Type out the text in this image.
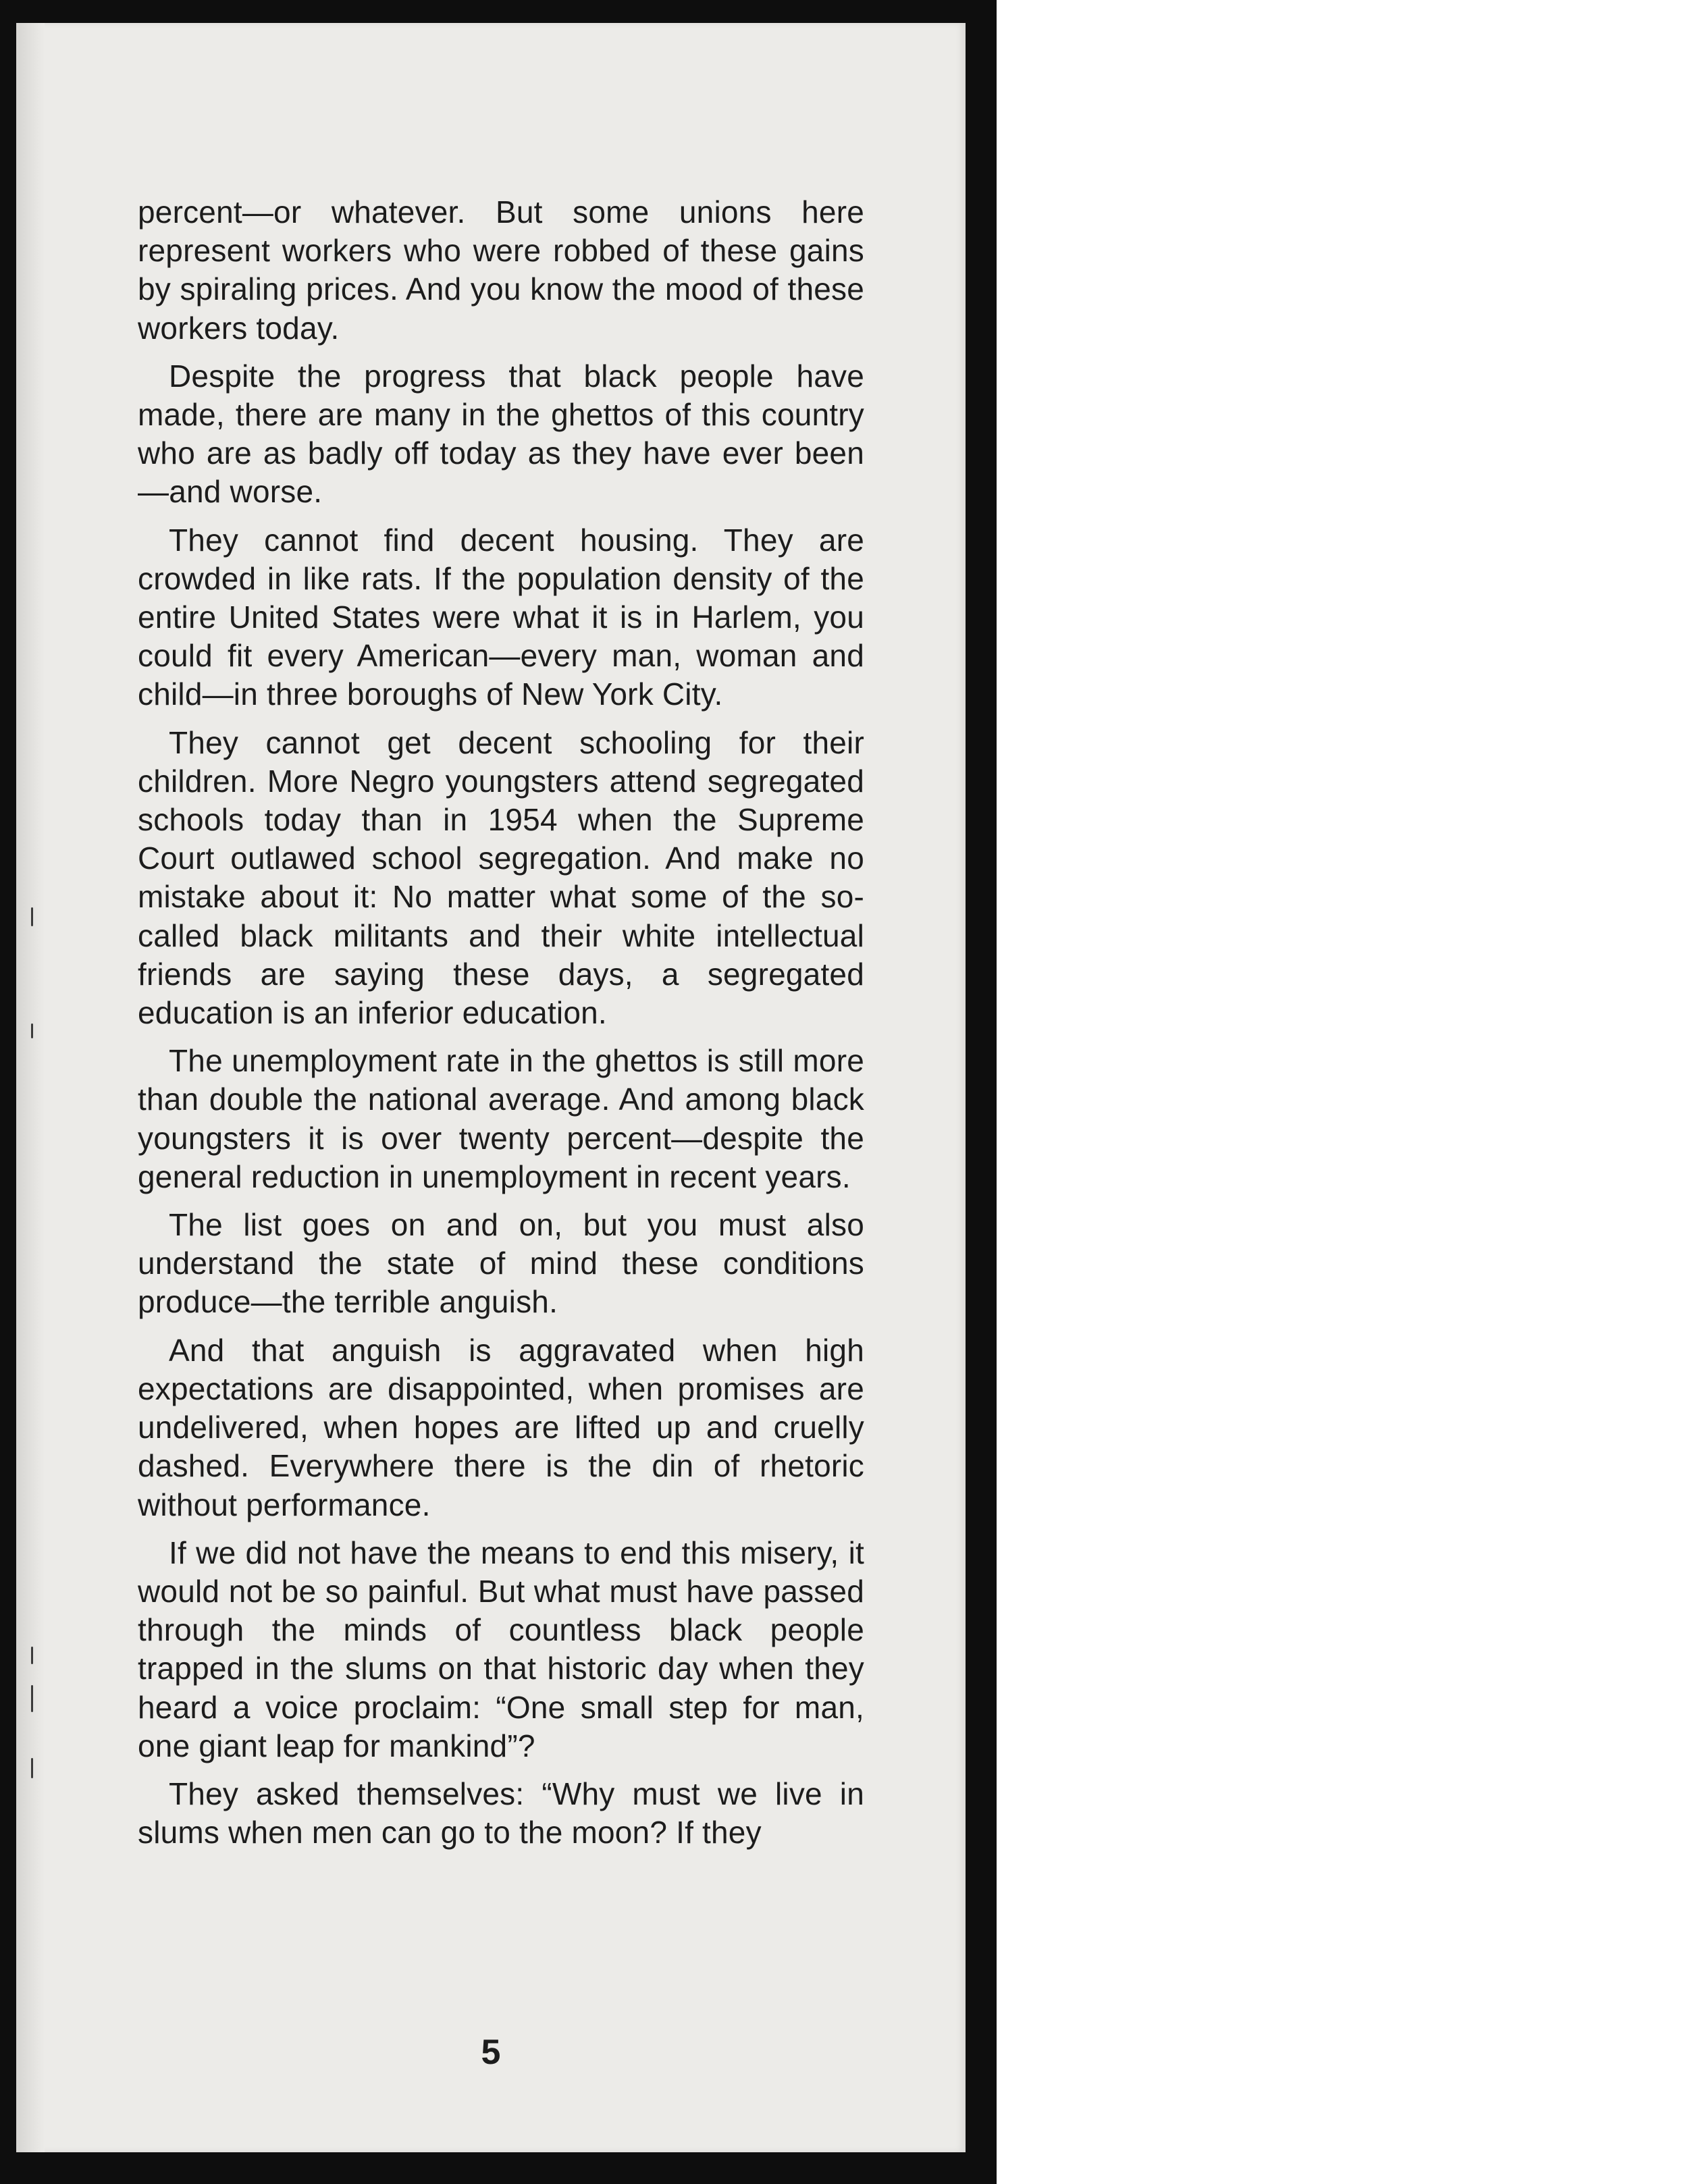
percent—or whatever. But some unions here represent workers who were robbed of these gains by spiraling prices. And you know the mood of these workers today.

Despite the progress that black people have made, there are many in the ghettos of this country who are as badly off today as they have ever been—and worse.

They cannot find decent housing. They are crowded in like rats. If the population density of the entire United States were what it is in Harlem, you could fit every American—every man, woman and child—in three boroughs of New York City.

They cannot get decent schooling for their children. More Negro youngsters attend segregated schools today than in 1954 when the Supreme Court outlawed school segregation. And make no mistake about it: No matter what some of the so-called black militants and their white intellectual friends are saying these days, a segregated education is an inferior education.

The unemployment rate in the ghettos is still more than double the national average. And among black youngsters it is over twenty percent—despite the general reduction in unemployment in recent years.

The list goes on and on, but you must also understand the state of mind these conditions produce—the terrible anguish.

And that anguish is aggravated when high expectations are disappointed, when promises are undelivered, when hopes are lifted up and cruelly dashed. Everywhere there is the din of rhetoric without performance.

If we did not have the means to end this misery, it would not be so painful. But what must have passed through the minds of countless black people trapped in the slums on that historic day when they heard a voice proclaim: “One small step for man, one giant leap for mankind”?

They asked themselves: “Why must we live in slums when men can go to the moon? If they

5
